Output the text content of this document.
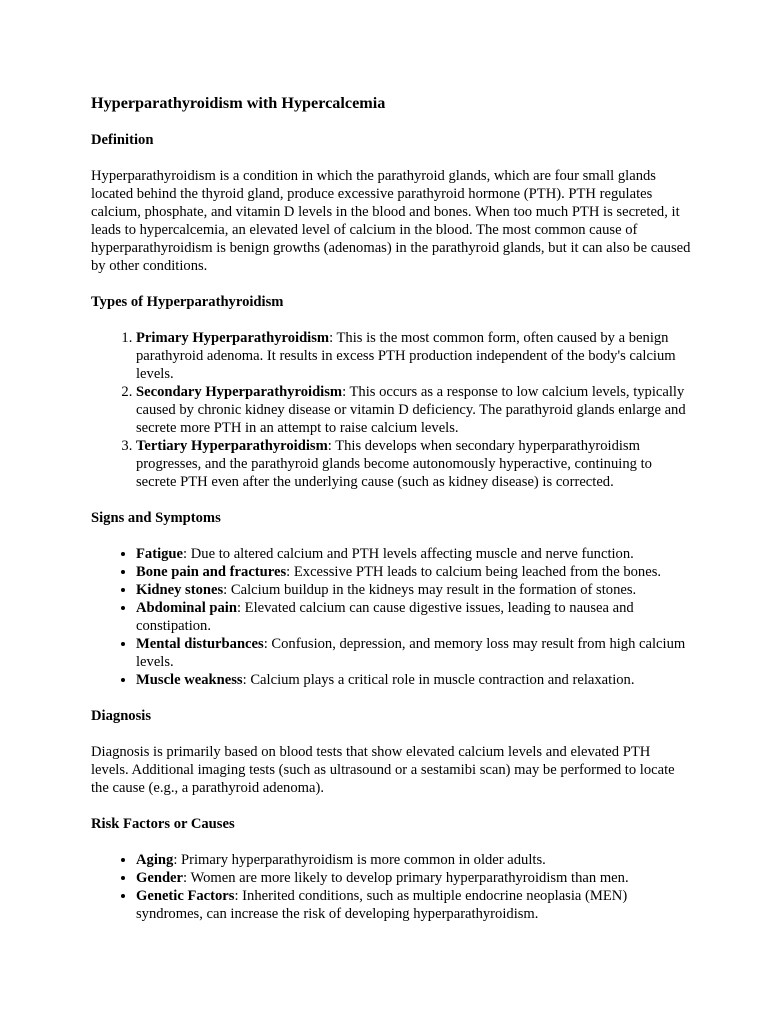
Hyperparathyroidism with Hypercalcemia
Definition

Hyperparathyroidism is a condition in which the parathyroid glands, which are four small glands located behind the thyroid gland, produce excessive parathyroid hormone (PTH). PTH regulates calcium, phosphate, and vitamin D levels in the blood and bones. When too much PTH is secreted, it leads to hypercalcemia, an elevated level of calcium in the blood. The most common cause of hyperparathyroidism is benign growths (adenomas) in the parathyroid glands, but it can also be caused by other conditions.

Types of Hyperparathyroidism
1. Primary Hyperparathyroidism: This is the most common form, often caused by a benign parathyroid adenoma. It results in excess PTH production independent of the body's calcium levels.
2. Secondary Hyperparathyroidism: This occurs as a response to low calcium levels, typically caused by chronic kidney disease or vitamin D deficiency. The parathyroid glands enlarge and secrete more PTH in an attempt to raise calcium levels.
3. Tertiary Hyperparathyroidism: This develops when secondary hyperparathyroidism progresses, and the parathyroid glands become autonomously hyperactive, continuing to secrete PTH even after the underlying cause (such as kidney disease) is corrected.
Signs and Symptoms
• Fatigue: Due to altered calcium and PTH levels affecting muscle and nerve function.
• Bone pain and fractures: Excessive PTH leads to calcium being leached from the bones.
• Kidney stones: Calcium buildup in the kidneys may result in the formation of stones.
• Abdominal pain: Elevated calcium can cause digestive issues, leading to nausea and constipation.
• Mental disturbances: Confusion, depression, and memory loss may result from high calcium levels.
• Muscle weakness: Calcium plays a critical role in muscle contraction and relaxation.
Diagnosis

Diagnosis is primarily based on blood tests that show elevated calcium levels and elevated PTH levels. Additional imaging tests (such as ultrasound or a sestamibi scan) may be performed to locate the cause (e.g., a parathyroid adenoma).

Risk Factors or Causes
• Aging: Primary hyperparathyroidism is more common in older adults.
• Gender: Women are more likely to develop primary hyperparathyroidism than men.
• Genetic Factors: Inherited conditions, such as multiple endocrine neoplasia (MEN) syndromes, can increase the risk of developing hyperparathyroidism.
